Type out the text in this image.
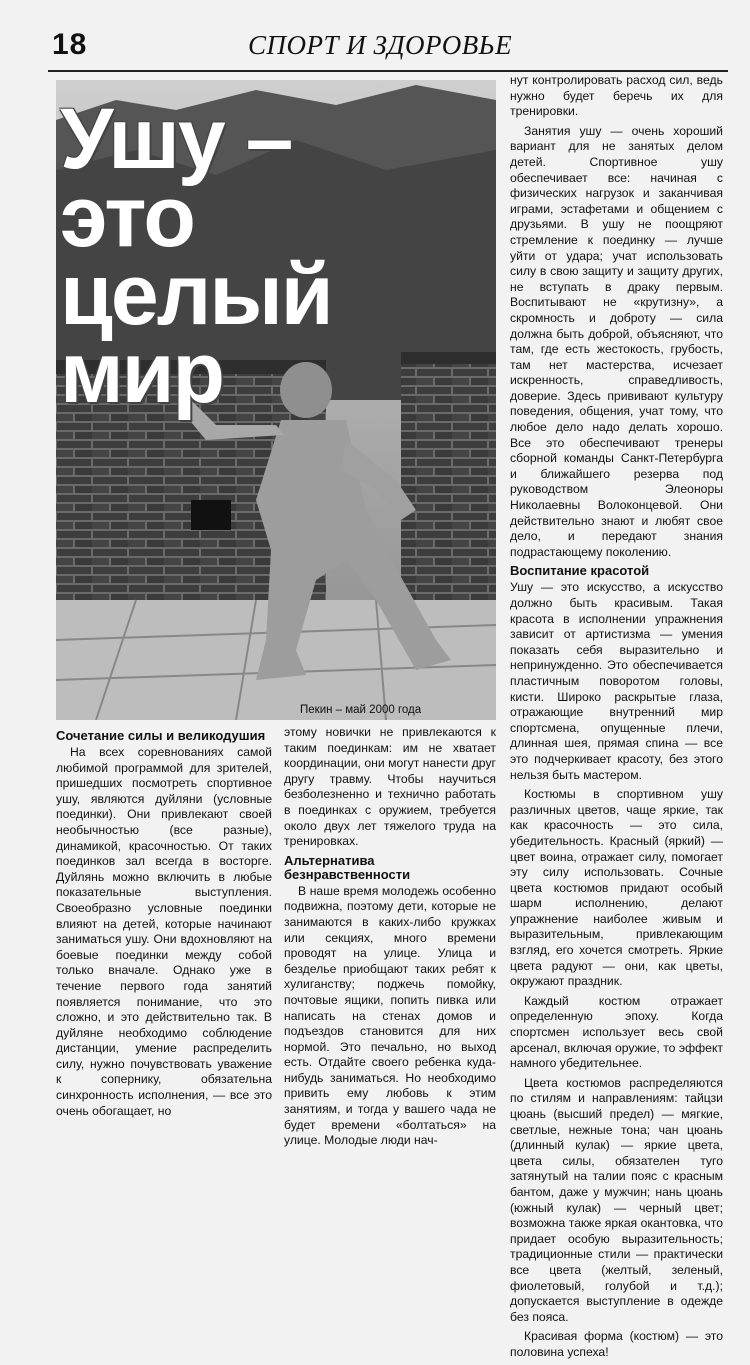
18	СПОРТ И ЗДОРОВЬЕ
Ушу –
это
целый
мир
Пекин – май 2000 года
Сочетание силы и великодушия

На всех соревнованиях самой любимой программой для зрителей, пришедших посмотреть спортивное ушу, являются дуйляни (условные поединки). Они привлекают своей необычностью (все разные), динамикой, красочностью. От таких поединков зал всегда в восторге. Дуйлянь можно включить в любые показательные выступления. Своеобразно условные поединки влияют на детей, которые начинают заниматься ушу. Они вдохновляют на боевые поединки между собой только вначале. Однако уже в течение первого года занятий появляется понимание, что это сложно, и это действительно так. В дуйляне необходимо соблюдение дистанции, умение распределить силу, нужно почувствовать уважение к сопернику, обязательна синхронность исполнения, — все это очень обогащает, но

этому новички не привлекаются к таким поединкам: им не хватает координации, они могут нанести друг другу травму. Чтобы научиться безболезненно и технично работать в поединках с оружием, требуется около двух лет тяжелого труда на тренировках.

Альтернатива безнравственности

В наше время молодежь особенно подвижна, поэтому дети, которые не занимаются в каких-либо кружках или секциях, много времени проводят на улице. Улица и безделье приобщают таких ребят к хулиганству; поджечь помойку, почтовые ящики, попить пивка или написать на стенах домов и подъездов становится для них нормой. Это печально, но выход есть. Отдайте своего ребенка куда-нибудь заниматься. Но необходимо привить ему любовь к этим занятиям, и тогда у вашего чада не будет времени «болтаться» на улице. Молодые люди нач-

нут контролировать расход сил, ведь нужно будет беречь их для тренировки.

Занятия ушу — очень хороший вариант для не занятых делом детей. Спортивное ушу обеспечивает все: начиная с физических нагрузок и заканчивая играми, эстафетами и общением с друзьями. В ушу не поощряют стремление к поединку — лучше уйти от удара; учат использовать силу в свою защиту и защиту других, не вступать в драку первым. Воспитывают не «крутизну», а скромность и доброту — сила должна быть доброй, объясняют, что там, где есть жестокость, грубость, там нет мастерства, исчезает искренность, справедливость, доверие. Здесь прививают культуру поведения, общения, учат тому, что любое дело надо делать хорошо. Все это обеспечивают тренеры сборной команды Санкт-Петербурга и ближайшего резерва под руководством Элеоноры Николаевны Волоконцевой. Они действительно знают и любят свое дело, и передают знания подрастающему поколению.

Воспитание красотой

Ушу — это искусство, а искусство должно быть красивым. Такая красота в исполнении упражнения зависит от артистизма — умения показать себя выразительно и непринужденно. Это обеспечивается пластичным поворотом головы, кисти. Широко раскрытые глаза, отражающие внутренний мир спортсмена, опущенные плечи, длинная шея, прямая спина — все это подчеркивает красоту, без этого нельзя быть мастером.

Костюмы в спортивном ушу различных цветов, чаще яркие, так как красочность — это сила, убедительность. Красный (яркий) — цвет воина, отражает силу, помогает эту силу использовать. Сочные цвета костюмов придают особый шарм исполнению, делают упражнение наиболее живым и выразительным, привлекающим взгляд, его хочется смотреть. Яркие цвета радуют — они, как цветы, окружают праздник.

Каждый костюм отражает определенную эпоху. Когда спортсмен использует весь свой арсенал, включая оружие, то эффект намного убедительнее.

Цвета костюмов распределяются по стилям и направлениям: тайцзи цюань (высший предел) — мягкие, светлые, нежные тона; чан цюань (длинный кулак) — яркие цвета, цвета силы, обязателен туго затянутый на талии пояс с красным бантом, даже у мужчин; нань цюань (южный кулак) — черный цвет; возможна также яркая окантовка, что придает особую выразительность; традиционные стили — практически все цвета (желтый, зеленый, фиолетовый, голубой и т.д.); допускается выступление в одежде без пояса.

Красивая форма (костюм) — это половина успеха!
